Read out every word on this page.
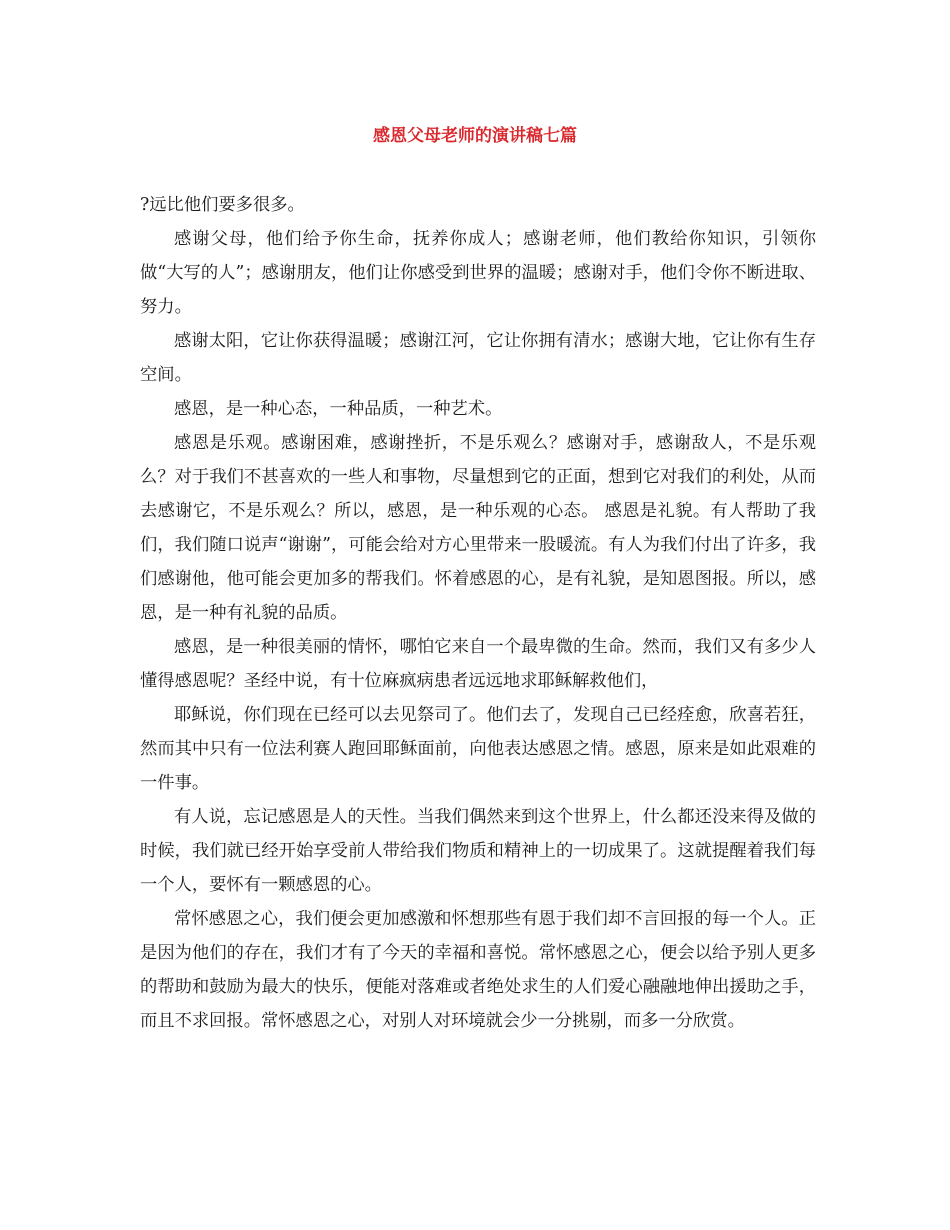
感恩父母老师的演讲稿七篇

?远比他们要多很多。

感谢父母，他们给予你生命，抚养你成人；感谢老师，他们教给你知识，引领你做“大写的人”；感谢朋友，他们让你感受到世界的温暖；感谢对手，他们令你不断进取、努力。

感谢太阳，它让你获得温暖；感谢江河，它让你拥有清水；感谢大地，它让你有生存空间。

感恩，是一种心态，一种品质，一种艺术。

感恩是乐观。感谢困难，感谢挫折，不是乐观么？感谢对手，感谢敌人，不是乐观么？对于我们不甚喜欢的一些人和事物，尽量想到它的正面，想到它对我们的利处，从而去感谢它，不是乐观么？所以，感恩，是一种乐观的心态。 感恩是礼貌。有人帮助了我们，我们随口说声“谢谢”，可能会给对方心里带来一股暖流。有人为我们付出了许多，我们感谢他，他可能会更加多的帮我们。怀着感恩的心，是有礼貌，是知恩图报。所以，感恩，是一种有礼貌的品质。

感恩，是一种很美丽的情怀，哪怕它来自一个最卑微的生命。然而，我们又有多少人懂得感恩呢？圣经中说，有十位麻疯病患者远远地求耶稣解救他们，

耶稣说，你们现在已经可以去见祭司了。他们去了，发现自己已经痊愈，欣喜若狂，然而其中只有一位法利赛人跑回耶稣面前，向他表达感恩之情。感恩，原来是如此艰难的一件事。

有人说，忘记感恩是人的天性。当我们偶然来到这个世界上，什么都还没来得及做的时候，我们就已经开始享受前人带给我们物质和精神上的一切成果了。这就提醒着我们每一个人，要怀有一颗感恩的心。

常怀感恩之心，我们便会更加感激和怀想那些有恩于我们却不言回报的每一个人。正是因为他们的存在，我们才有了今天的幸福和喜悦。常怀感恩之心，便会以给予别人更多的帮助和鼓励为最大的快乐，便能对落难或者绝处求生的人们爱心融融地伸出援助之手，而且不求回报。常怀感恩之心，对别人对环境就会少一分挑剔，而多一分欣赏。
